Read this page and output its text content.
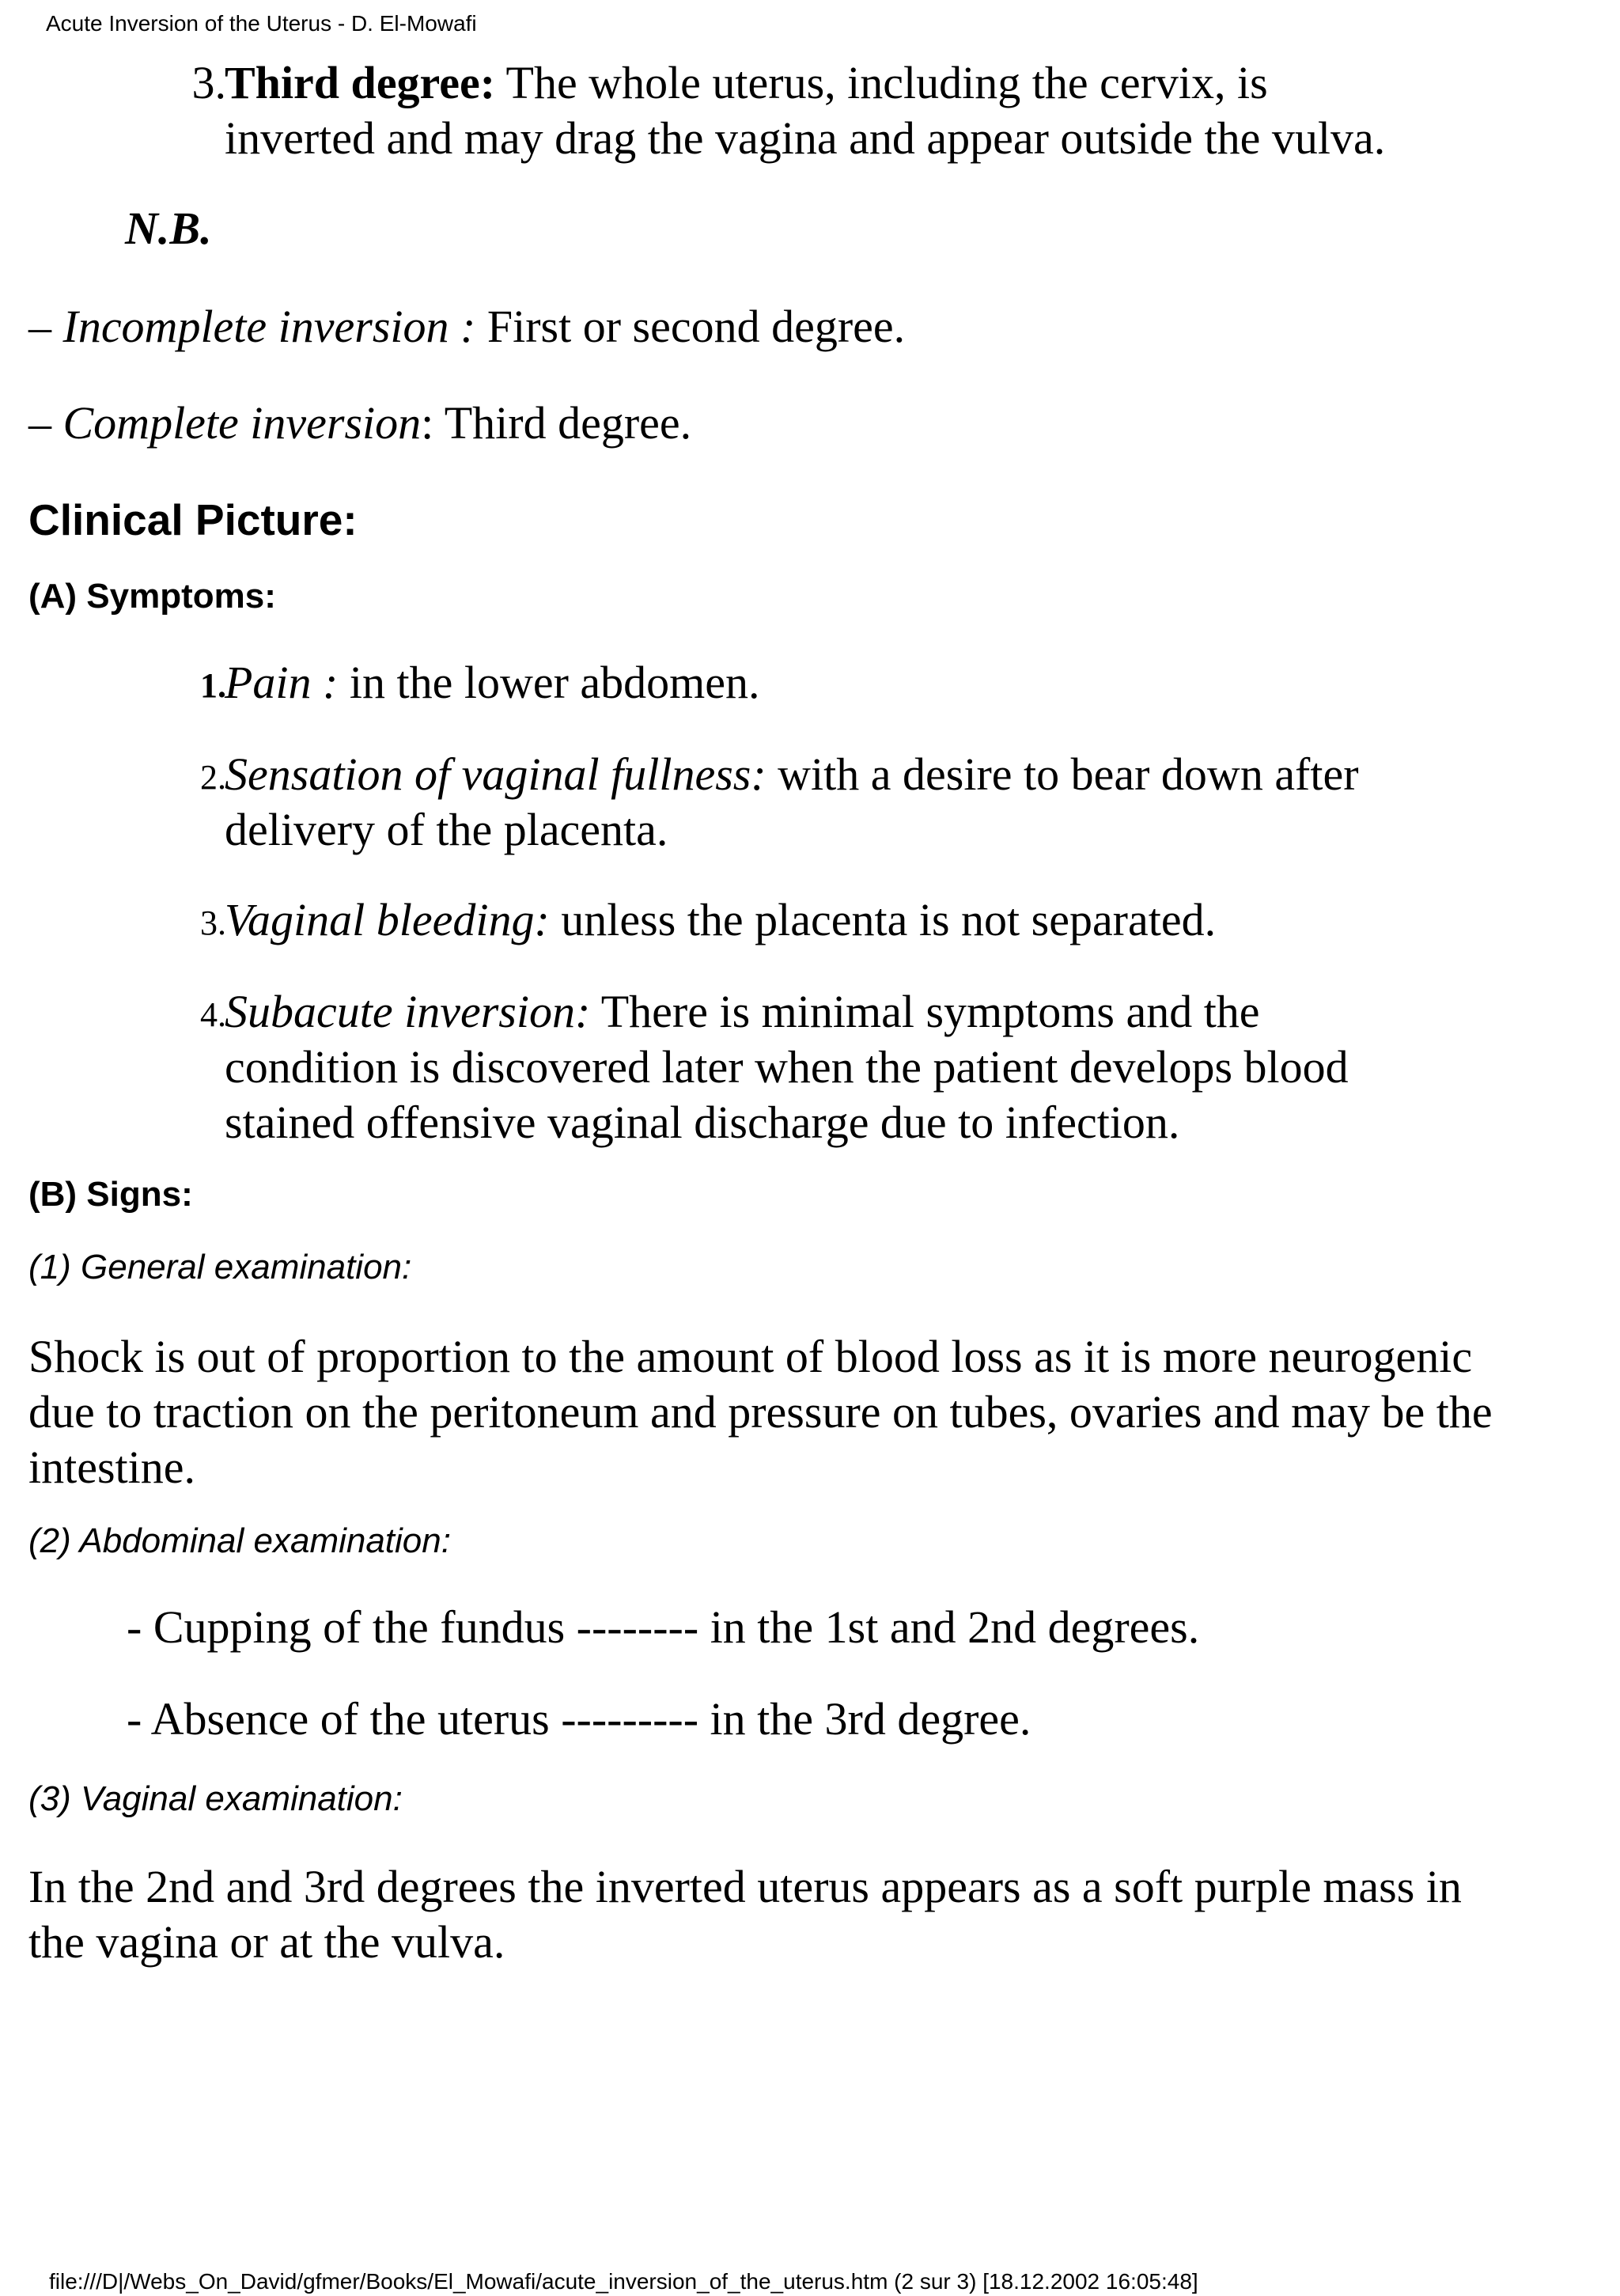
Acute Inversion of the Uterus - D. El-Mowafi
3.
Third degree: The whole uterus, including the cervix, is
inverted and may drag the vagina and appear outside the vulva.
N.B.
– Incomplete inversion : First or second degree.
– Complete inversion: Third degree.
Clinical Picture:
(A) Symptoms:
1.
Pain : in the lower abdomen.
2.
Sensation of vaginal fullness: with a desire to bear down after
delivery of the placenta.
3.
Vaginal bleeding: unless the placenta is not separated.
4.
Subacute inversion: There is minimal symptoms and the
condition is discovered later when the patient develops blood
stained offensive vaginal discharge due to infection.
(B) Signs:
(1) General examination:
Shock is out of proportion to the amount of blood loss as it is more neurogenic
due to traction on the peritoneum and pressure on tubes, ovaries and may be the
intestine.
(2) Abdominal examination:
- Cupping of the fundus -------- in the 1st and 2nd degrees.
- Absence of the uterus --------- in the 3rd degree.
(3) Vaginal examination:
In the 2nd and 3rd degrees the inverted uterus appears as a soft purple mass in
the vagina or at the vulva.
file:///D|/Webs_On_David/gfmer/Books/El_Mowafi/acute_inversion_of_the_uterus.htm (2 sur 3) [18.12.2002 16:05:48]
